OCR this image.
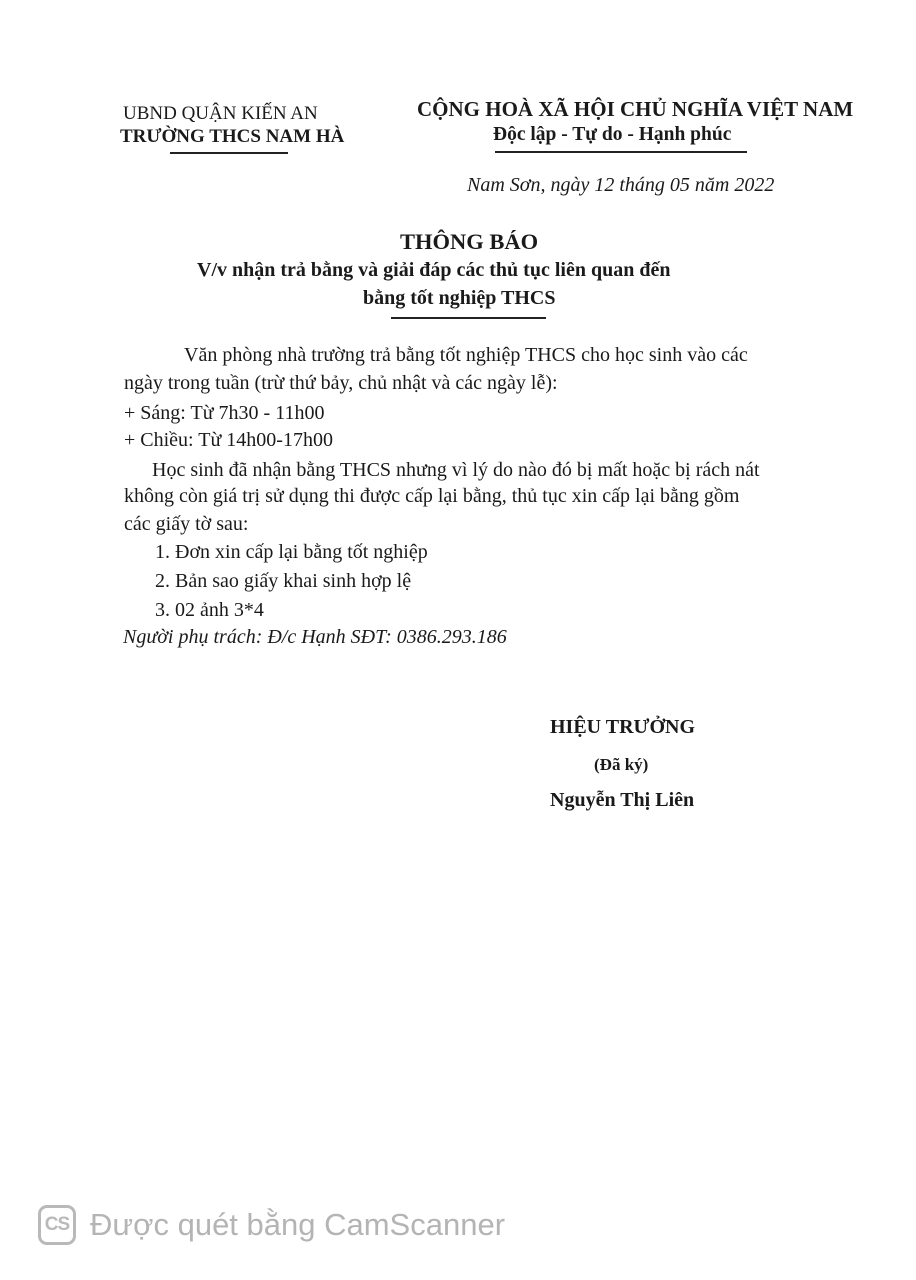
UBND QUẬN KIẾN AN
TRƯỜNG THCS NAM HÀ
CỘNG HOÀ XÃ HỘI CHỦ NGHĨA VIỆT NAM
Độc lập - Tự do - Hạnh phúc
Nam Sơn, ngày 12 tháng 05 năm 2022
THÔNG BÁO
V/v nhận trả bằng và giải đáp các thủ tục liên quan đến
bằng tốt nghiệp THCS
Văn phòng nhà trường trả bằng tốt nghiệp THCS cho học sinh vào các
ngày trong tuần (trừ thứ bảy, chủ nhật và các ngày lễ):
+ Sáng: Từ 7h30 - 11h00
+ Chiều: Từ 14h00-17h00
Học sinh đã nhận bằng THCS nhưng vì lý do nào đó bị mất hoặc bị rách nát
không còn giá trị sử dụng thi được cấp lại bằng, thủ tục xin cấp lại bằng gồm
các giấy tờ sau:
1. Đơn xin cấp lại bằng tốt nghiệp
2. Bản sao giấy khai sinh hợp lệ
3. 02 ảnh 3*4
Người phụ trách: Đ/c Hạnh SĐT: 0386.293.186
HIỆU TRƯỞNG
(Đã ký)
Nguyễn Thị Liên
CS Được quét bằng CamScanner
